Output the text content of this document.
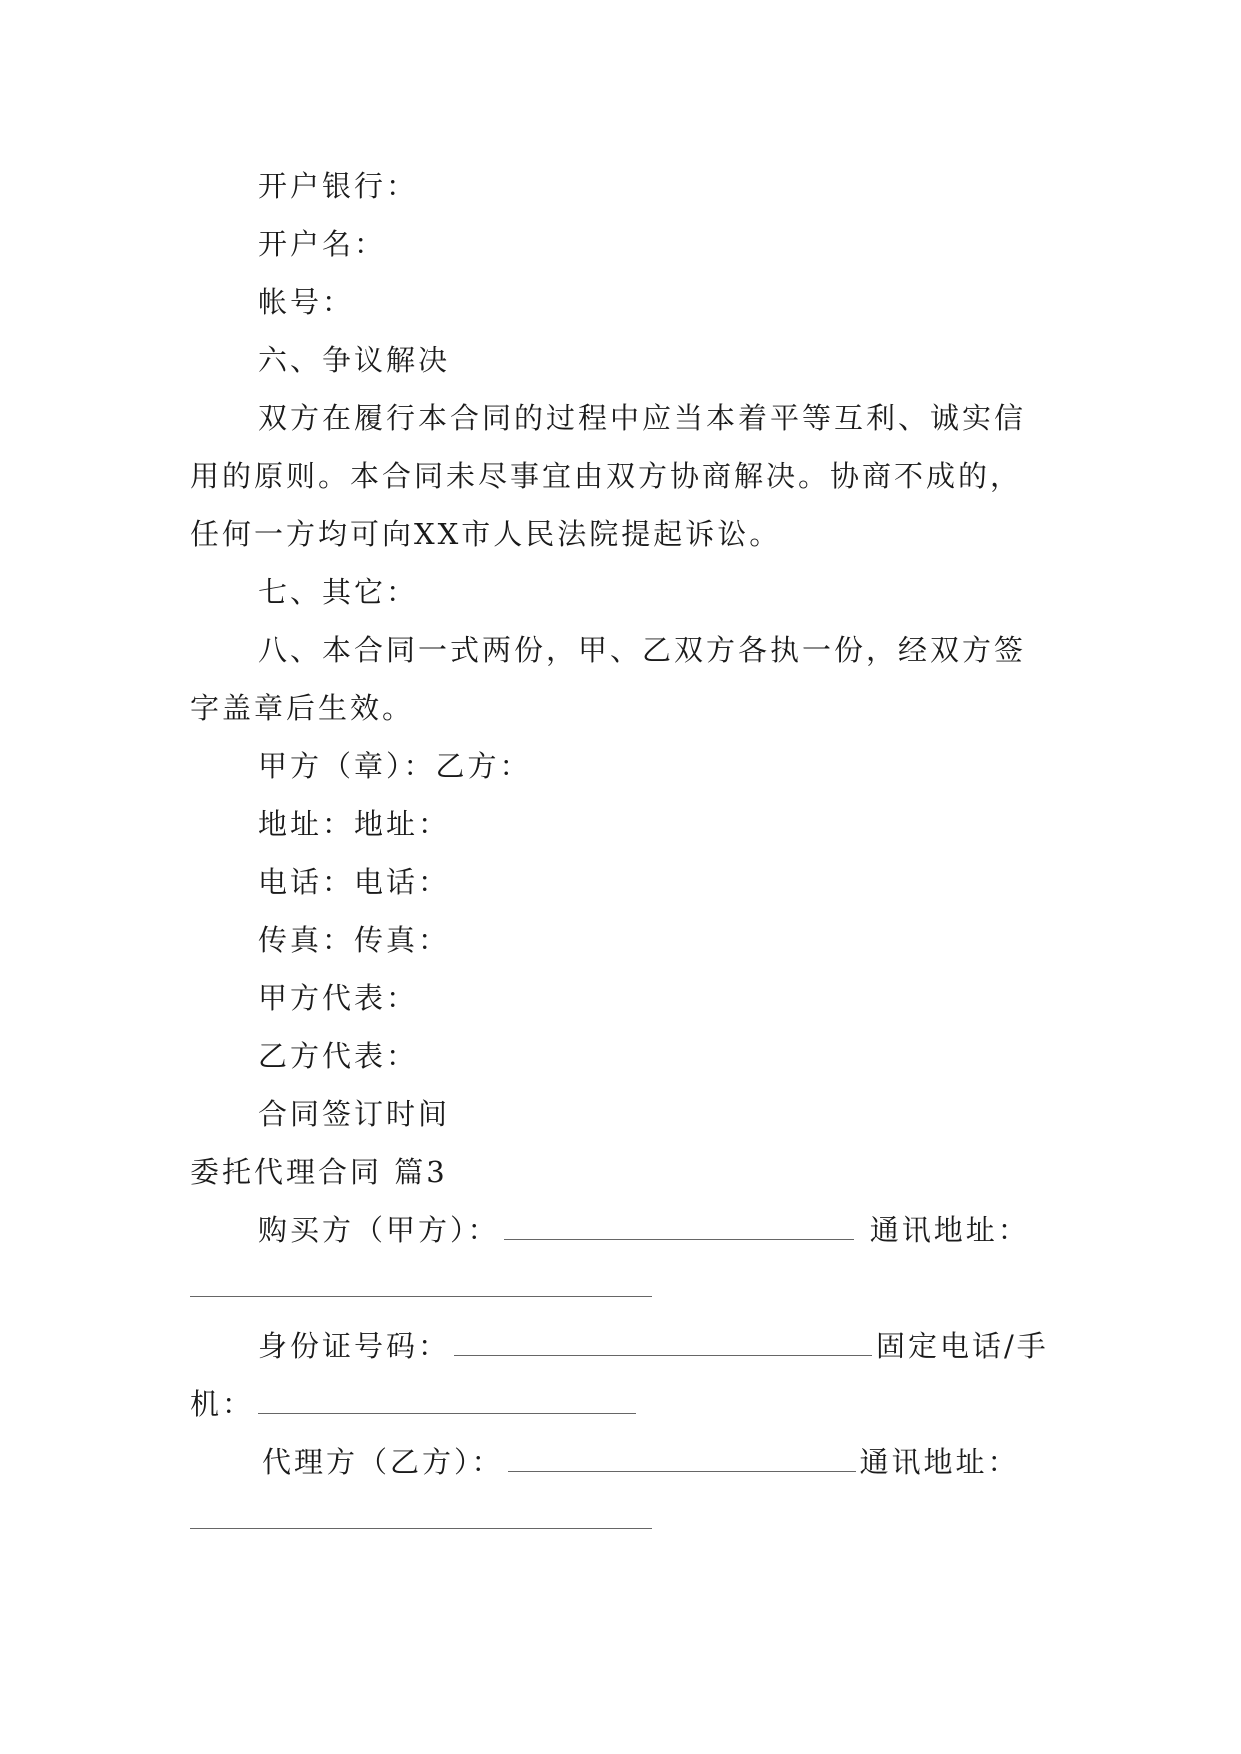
开户银行：
开户名：
帐号：
六、争议解决
双方在履行本合同的过程中应当本着平等互利、诚实信
用的原则。本合同未尽事宜由双方协商解决。协商不成的，
任何一方均可向XX市人民法院提起诉讼。
七、其它：
八、本合同一式两份，甲、乙双方各执一份，经双方签
字盖章后生效。
甲方（章）：乙方：
地址：地址：
电话：电话：
传真：传真：
甲方代表：
乙方代表：
合同签订时间
委托代理合同 篇3
购买方（甲方）：	通讯地址：
身份证号码：	固定电话/手
机：
代理方（乙方）：	通讯地址：
